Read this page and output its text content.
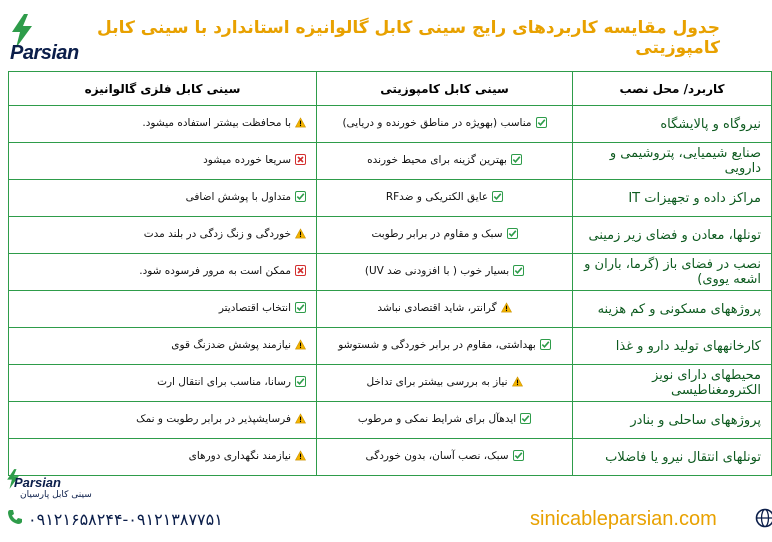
Parsian
جدول مقایسه کاربردهای رایج سینی کابل گالوانیزه استاندارد با سینی کابل کامپوزیتی
کاربرد/ محل نصب	سینی کابل کامپوزیتی	سینی کابل فلزی گالوانیزه
نیروگاه و پالایشگاه	مناسب (بهویژه در مناطق خورنده و دریایی)	با محافظت بیشتر استفاده میشود.

صنایع شیمیایی، پتروشیمی و دارویی	بهترین گزینه برای محیط خورنده	سریعا خورده میشود

مراکز داده و تجهیزات IT	عایق الکتریکی و ضدRF	متداول با پوشش اضافی

تونلها، معادن و فضای زیر زمینی	سبک و مقاوم در برابر رطوبت	خوردگی و زنگ زدگی در بلند مدت

نصب در فضای باز (گرما، باران و اشعه یووی)	بسیار خوب ( با افزودنی ضد UV)	ممکن است به مرور فرسوده شود.

پروژههای مسکونی و کم هزینه	گرانتر، شاید اقتصادی نباشد	انتخاب اقتصادیتر

کارخانههای تولید دارو و غذا	بهداشتی، مقاوم در برابر خوردگی و شستوشو	نیازمند پوشش ضدزنگ قوی

محیطهای دارای نویز الکترومغناطیسی	نیاز به بررسی بیشتر برای تداخل	رسانا، مناسب برای انتقال ارت

پروژههای ساحلی و بنادر	ایدهآل برای شرایط نمکی و مرطوب	فرسایشپذیر در برابر رطوبت و نمک

تونلهای انتقال نیرو یا فاضلاب	سبک، نصب آسان، بدون خوردگی	نیازمند نگهداری دورهای
Parsian
سینی کابل پارسیان
۰۹۱۲۱۶۵۸۲۴۴-۰۹۱۲۱۳۸۷۷۵۱	sinicableparsian.com
